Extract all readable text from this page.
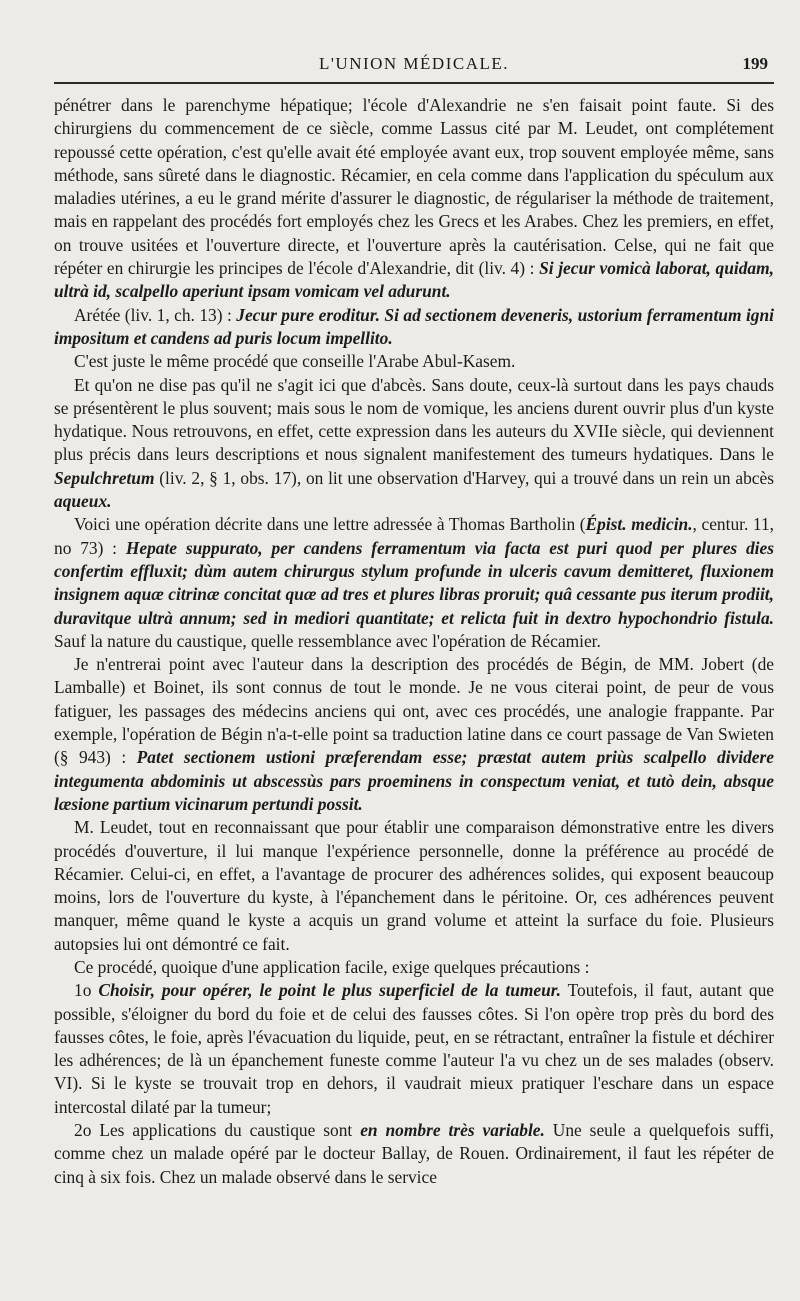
L'UNION MÉDICALE.	199

pénétrer dans le parenchyme hépatique; l'école d'Alexandrie ne s'en faisait point faute. Si des chirurgiens du commencement de ce siècle, comme Lassus cité par M. Leudet, ont complétement repoussé cette opération, c'est qu'elle avait été employée avant eux, trop souvent employée même, sans méthode, sans sûreté dans le diagnostic. Récamier, en cela comme dans l'application du spéculum aux maladies utérines, a eu le grand mérite d'assurer le diagnostic, de régulariser la méthode de traitement, mais en rappelant des procédés fort employés chez les Grecs et les Arabes. Chez les premiers, en effet, on trouve usitées et l'ouverture directe, et l'ouverture après la cautérisation. Celse, qui ne fait que répéter en chirurgie les principes de l'école d'Alexandrie, dit (liv. 4) : Si jecur vomicà laborat, quidam, ultrà id, scalpello aperiunt ipsam vomicam vel adurunt.

Arétée (liv. 1, ch. 13) : Jecur pure eroditur. Si ad sectionem deveneris, ustorium ferramentum igni impositum et candens ad puris locum impellito.

C'est juste le même procédé que conseille l'Arabe Abul-Kasem.

Et qu'on ne dise pas qu'il ne s'agit ici que d'abcès. Sans doute, ceux-là surtout dans les pays chauds se présentèrent le plus souvent; mais sous le nom de vomique, les anciens durent ouvrir plus d'un kyste hydatique. Nous retrouvons, en effet, cette expression dans les auteurs du XVIIe siècle, qui deviennent plus précis dans leurs descriptions et nous signalent manifestement des tumeurs hydatiques. Dans le Sepulchretum (liv. 2, § 1, obs. 17), on lit une observation d'Harvey, qui a trouvé dans un rein un abcès aqueux.

Voici une opération décrite dans une lettre adressée à Thomas Bartholin (Épist. medicin., centur. 11, no 73) : Hepate suppurato, per candens ferramentum via facta est puri quod per plures dies confertim effluxit; dùm autem chirurgus stylum profunde in ulceris cavum demitteret, fluxionem insignem aquæ citrinæ concitat quæ ad tres et plures libras proruit; quâ cessante pus iterum prodiit, duravitque ultrà annum; sed in mediori quantitate; et relicta fuit in dextro hypochondrio fistula. Sauf la nature du caustique, quelle ressemblance avec l'opération de Récamier.

Je n'entrerai point avec l'auteur dans la description des procédés de Bégin, de MM. Jobert (de Lamballe) et Boinet, ils sont connus de tout le monde. Je ne vous citerai point, de peur de vous fatiguer, les passages des médecins anciens qui ont, avec ces procédés, une analogie frappante. Par exemple, l'opération de Bégin n'a-t-elle point sa traduction latine dans ce court passage de Van Swieten (§ 943) : Patet sectionem ustioni præferendam esse; præstat autem priùs scalpello dividere integumenta abdominis ut abscessùs pars proeminens in conspectum veniat, et tutò dein, absque læsione partium vicinarum pertundi possit.

M. Leudet, tout en reconnaissant que pour établir une comparaison démonstrative entre les divers procédés d'ouverture, il lui manque l'expérience personnelle, donne la préférence au procédé de Récamier. Celui-ci, en effet, a l'avantage de procurer des adhérences solides, qui exposent beaucoup moins, lors de l'ouverture du kyste, à l'épanchement dans le péritoine. Or, ces adhérences peuvent manquer, même quand le kyste a acquis un grand volume et atteint la surface du foie. Plusieurs autopsies lui ont démontré ce fait.

Ce procédé, quoique d'une application facile, exige quelques précautions :

1o Choisir, pour opérer, le point le plus superficiel de la tumeur. Toutefois, il faut, autant que possible, s'éloigner du bord du foie et de celui des fausses côtes. Si l'on opère trop près du bord des fausses côtes, le foie, après l'évacuation du liquide, peut, en se rétractant, entraîner la fistule et déchirer les adhérences; de là un épanchement funeste comme l'auteur l'a vu chez un de ses malades (observ. VI). Si le kyste se trouvait trop en dehors, il vaudrait mieux pratiquer l'eschare dans un espace intercostal dilaté par la tumeur;

2o Les applications du caustique sont en nombre très variable. Une seule a quelquefois suffi, comme chez un malade opéré par le docteur Ballay, de Rouen. Ordinairement, il faut les répéter de cinq à six fois. Chez un malade observé dans le service
